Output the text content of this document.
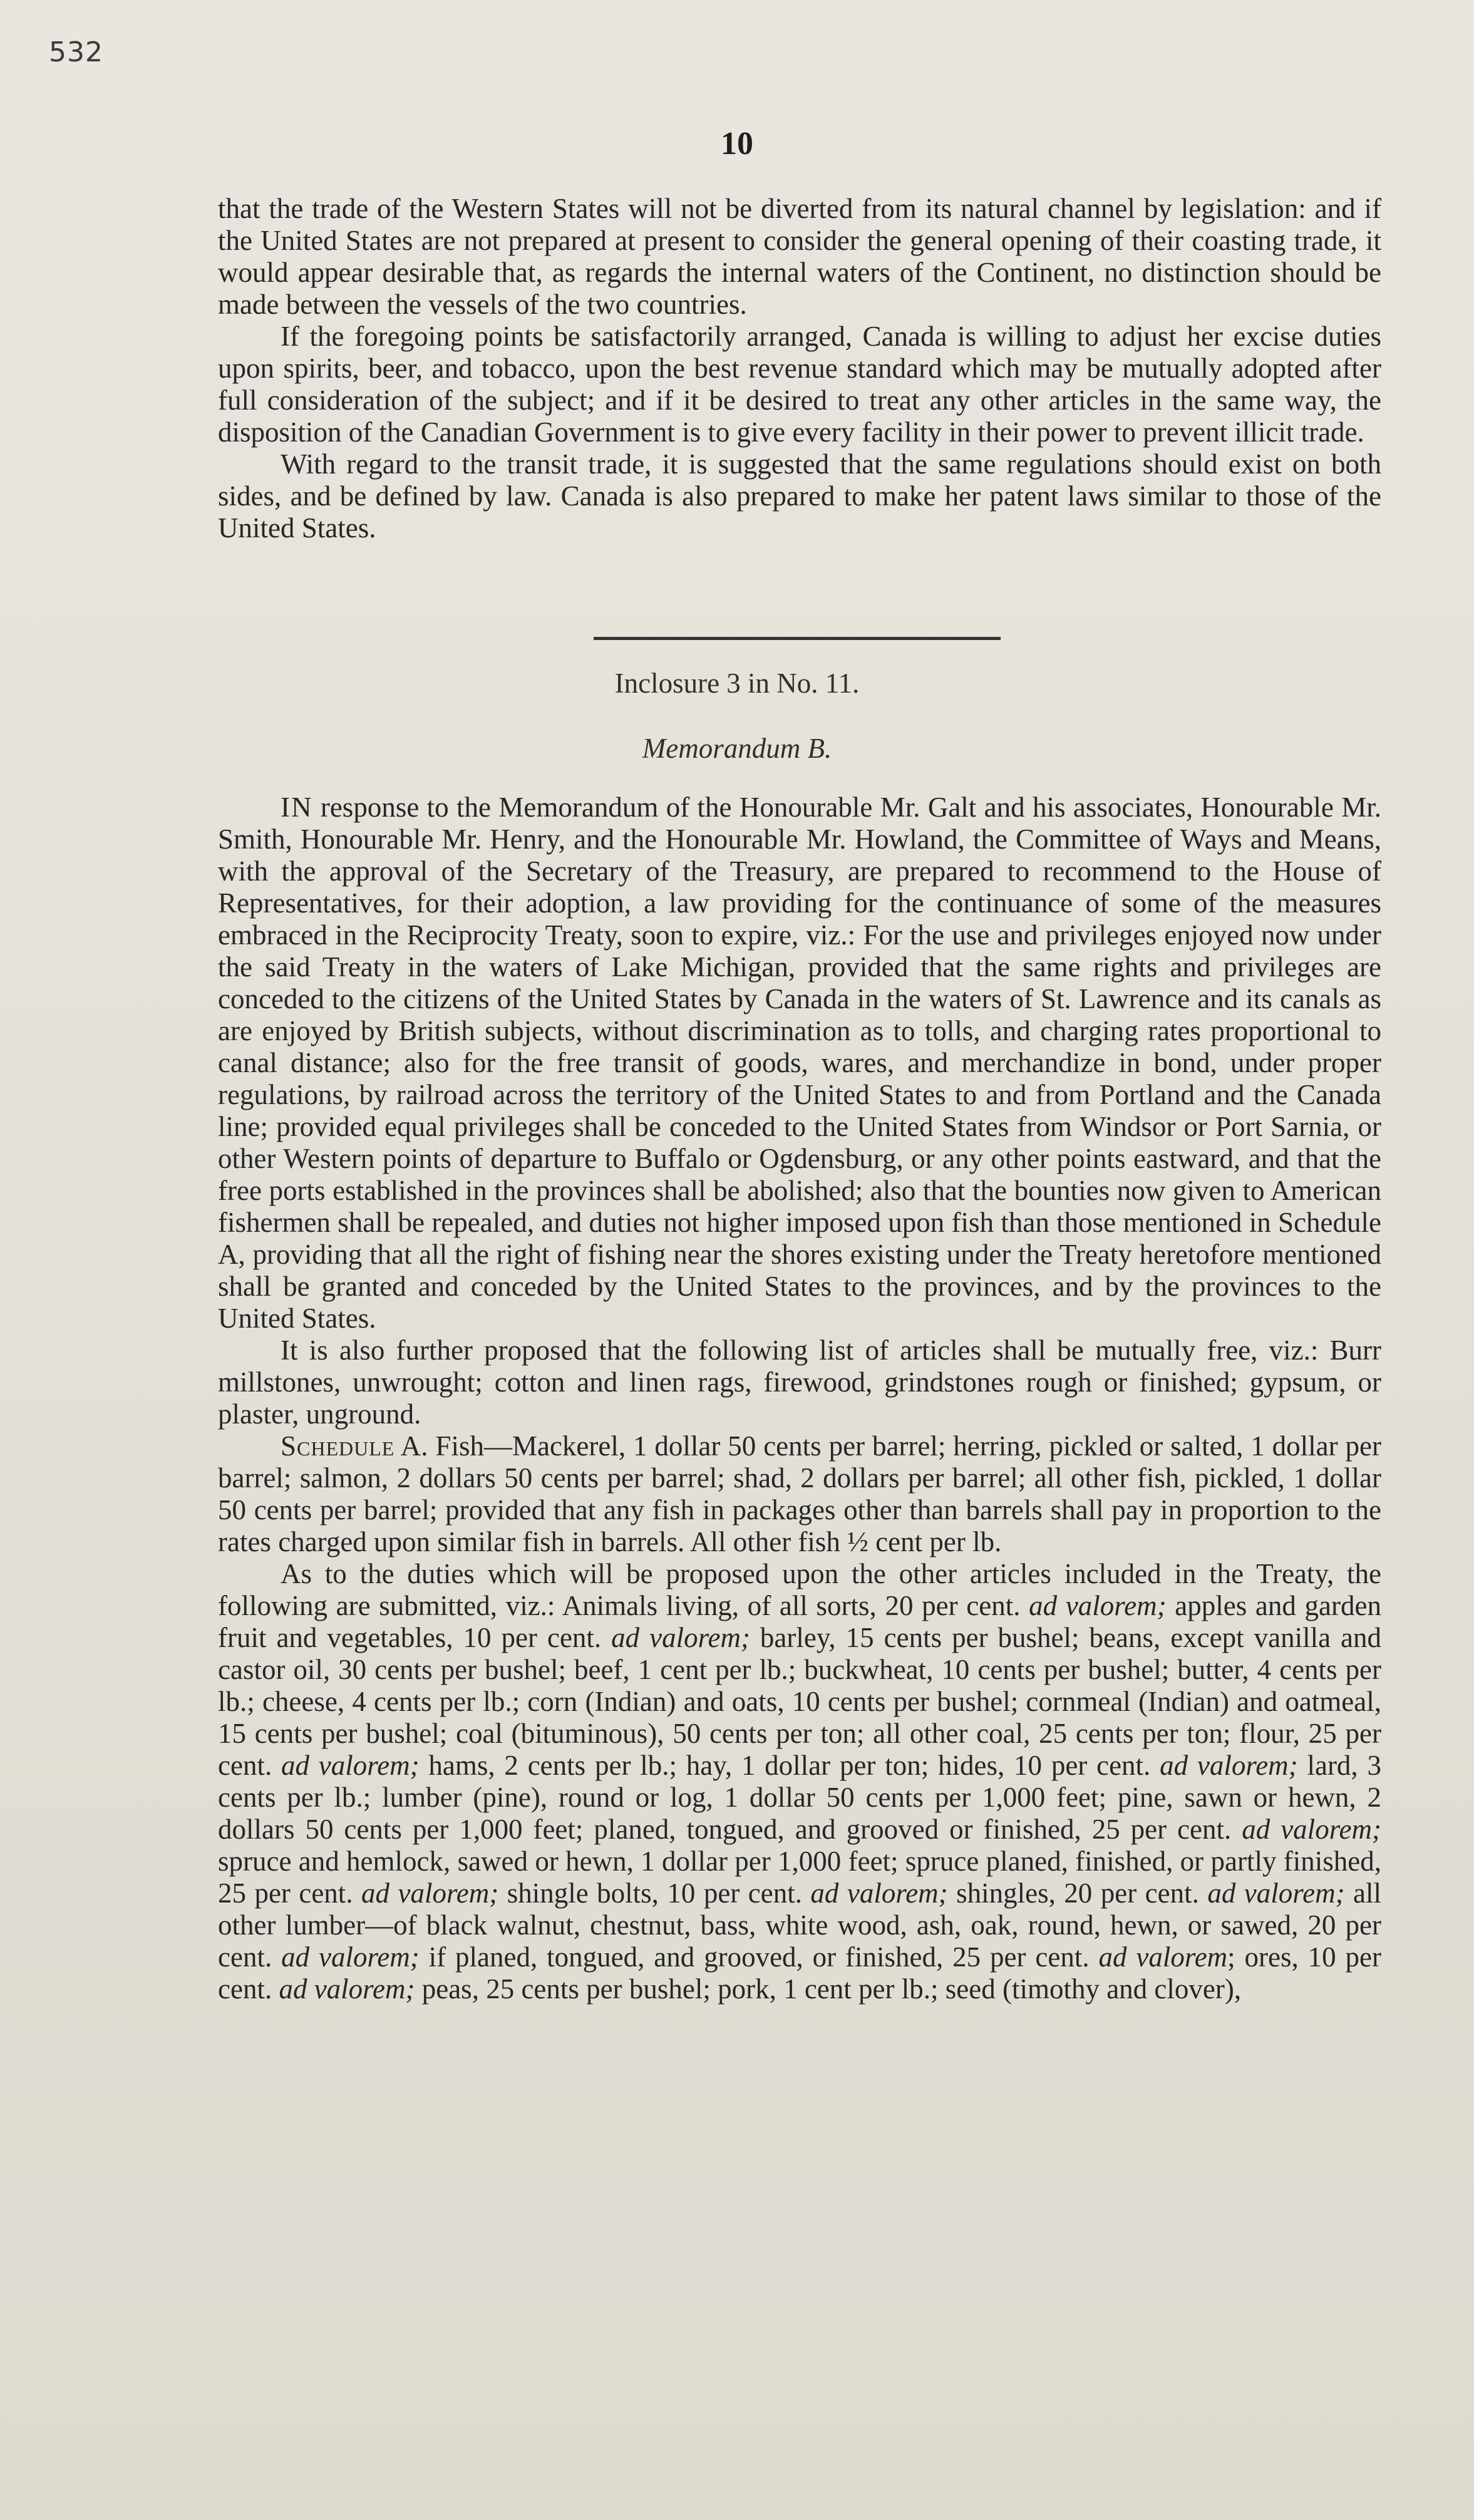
532
10

that the trade of the Western States will not be diverted from its natural channel by legislation: and if the United States are not prepared at present to consider the general opening of their coasting trade, it would appear desirable that, as regards the internal waters of the Continent, no distinction should be made between the vessels of the two countries.

If the foregoing points be satisfactorily arranged, Canada is willing to adjust her excise duties upon spirits, beer, and tobacco, upon the best revenue standard which may be mutually adopted after full consideration of the subject; and if it be desired to treat any other articles in the same way, the disposition of the Canadian Government is to give every facility in their power to prevent illicit trade.

With regard to the transit trade, it is suggested that the same regulations should exist on both sides, and be defined by law. Canada is also prepared to make her patent laws similar to those of the United States.

Inclosure 3 in No. 11.
Memorandum B.

IN response to the Memorandum of the Honourable Mr. Galt and his associates, Honourable Mr. Smith, Honourable Mr. Henry, and the Honourable Mr. Howland, the Committee of Ways and Means, with the approval of the Secretary of the Treasury, are prepared to recommend to the House of Representatives, for their adoption, a law providing for the continuance of some of the measures embraced in the Reciprocity Treaty, soon to expire, viz.: For the use and privileges enjoyed now under the said Treaty in the waters of Lake Michigan, provided that the same rights and privileges are conceded to the citizens of the United States by Canada in the waters of St. Lawrence and its canals as are enjoyed by British subjects, without discrimination as to tolls, and charging rates proportional to canal distance; also for the free transit of goods, wares, and merchandize in bond, under proper regulations, by railroad across the territory of the United States to and from Portland and the Canada line; provided equal privileges shall be conceded to the United States from Windsor or Port Sarnia, or other Western points of departure to Buffalo or Ogdensburg, or any other points eastward, and that the free ports established in the provinces shall be abolished; also that the bounties now given to American fishermen shall be repealed, and duties not higher imposed upon fish than those mentioned in Schedule A, providing that all the right of fishing near the shores existing under the Treaty heretofore mentioned shall be granted and conceded by the United States to the provinces, and by the provinces to the United States.

It is also further proposed that the following list of articles shall be mutually free, viz.: Burr millstones, unwrought; cotton and linen rags, firewood, grindstones rough or finished; gypsum, or plaster, unground.

Schedule A. Fish—Mackerel, 1 dollar 50 cents per barrel; herring, pickled or salted, 1 dollar per barrel; salmon, 2 dollars 50 cents per barrel; shad, 2 dollars per barrel; all other fish, pickled, 1 dollar 50 cents per barrel; provided that any fish in packages other than barrels shall pay in proportion to the rates charged upon similar fish in barrels. All other fish ½ cent per lb.

As to the duties which will be proposed upon the other articles included in the Treaty, the following are submitted, viz.: Animals living, of all sorts, 20 per cent. ad valorem; apples and garden fruit and vegetables, 10 per cent. ad valorem; barley, 15 cents per bushel; beans, except vanilla and castor oil, 30 cents per bushel; beef, 1 cent per lb.; buckwheat, 10 cents per bushel; butter, 4 cents per lb.; cheese, 4 cents per lb.; corn (Indian) and oats, 10 cents per bushel; cornmeal (Indian) and oatmeal, 15 cents per bushel; coal (bituminous), 50 cents per ton; all other coal, 25 cents per ton; flour, 25 per cent. ad valorem; hams, 2 cents per lb.; hay, 1 dollar per ton; hides, 10 per cent. ad valorem; lard, 3 cents per lb.; lumber (pine), round or log, 1 dollar 50 cents per 1,000 feet; pine, sawn or hewn, 2 dollars 50 cents per 1,000 feet; planed, tongued, and grooved or finished, 25 per cent. ad valorem; spruce and hemlock, sawed or hewn, 1 dollar per 1,000 feet; spruce planed, finished, or partly finished, 25 per cent. ad valorem; shingle bolts, 10 per cent. ad valorem; shingles, 20 per cent. ad valorem; all other lumber—of black walnut, chestnut, bass, white wood, ash, oak, round, hewn, or sawed, 20 per cent. ad valorem; if planed, tongued, and grooved, or finished, 25 per cent. ad valorem; ores, 10 per cent. ad valorem; peas, 25 cents per bushel; pork, 1 cent per lb.; seed (timothy and clover),
